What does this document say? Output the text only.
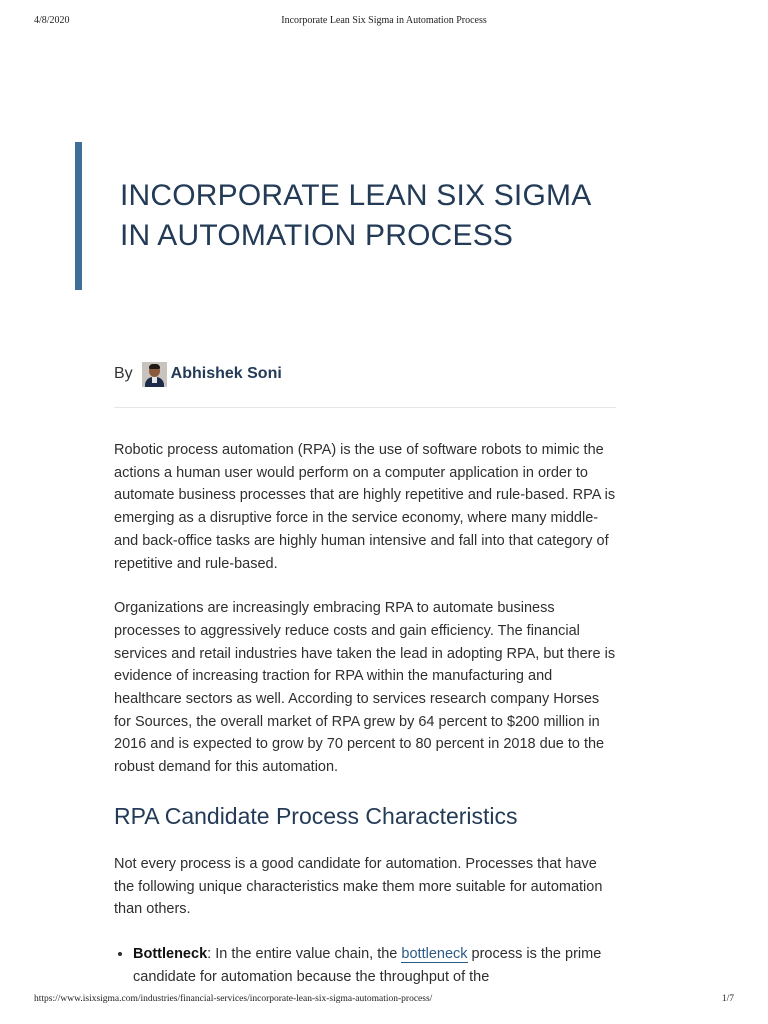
4/8/2020	Incorporate Lean Six Sigma in Automation Process
INCORPORATE LEAN SIX SIGMA
IN AUTOMATION PROCESS
By Abhishek Soni

Robotic process automation (RPA) is the use of software robots to mimic the actions a human user would perform on a computer application in order to automate business processes that are highly repetitive and rule-based. RPA is emerging as a disruptive force in the service economy, where many middle- and back-office tasks are highly human intensive and fall into that category of repetitive and rule-based.

Organizations are increasingly embracing RPA to automate business processes to aggressively reduce costs and gain efficiency. The financial services and retail industries have taken the lead in adopting RPA, but there is evidence of increasing traction for RPA within the manufacturing and healthcare sectors as well. According to services research company Horses for Sources, the overall market of RPA grew by 64 percent to $200 million in 2016 and is expected to grow by 70 percent to 80 percent in 2018 due to the robust demand for this automation.

RPA Candidate Process Characteristics

Not every process is a good candidate for automation. Processes that have the following unique characteristics make them more suitable for automation than others.

• Bottleneck: In the entire value chain, the bottleneck process is the prime candidate for automation because the throughput of the
https://www.isixsigma.com/industries/financial-services/incorporate-lean-six-sigma-automation-process/	1/7
